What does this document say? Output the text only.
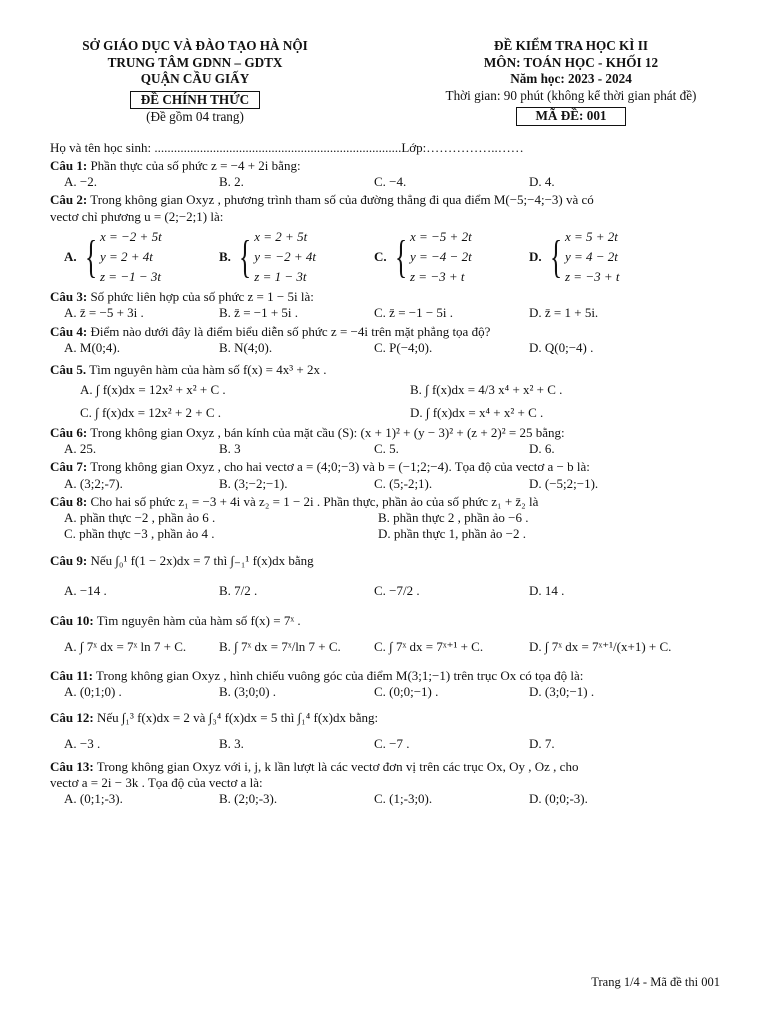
SỞ GIÁO DỤC VÀ ĐÀO TẠO HÀ NỘI
TRUNG TÂM GDNN – GDTX
QUẬN CẦU GIẤY
ĐỀ CHÍNH THỨC
(Đề gồm 04 trang)
ĐỀ KIỂM TRA HỌC KÌ II
MÔN: TOÁN HỌC - KHỐI 12
Năm học: 2023 - 2024
Thời gian: 90 phút (không kể thời gian phát đề)
MÃ ĐỀ: 001
Họ và tên học sinh: ............................................................................Lớp:……………..……
Câu 1: Phần thực của số phức z = −4 + 2i bằng:
A. −2.	B. 2.	C. −4.	D. 4.
Câu 2: Trong không gian Oxyz , phương trình tham số của đường thẳng đi qua điểm M(−5;−4;−3) và có
vectơ chỉ phương u = (2;−2;1) là:
A. { x = −2 + 5t
y = 2 + 4t
z = −1 − 3t
B. { x = 2 + 5t
y = −2 + 4t
z = 1 − 3t
C. { x = −5 + 2t
y = −4 − 2t
z = −3 + t
D. { x = 5 + 2t
y = 4 − 2t
z = −3 + t
Câu 3: Số phức liên hợp của số phức z = 1 − 5i là:
A. z̄ = −5 + 3i .	B. z̄ = −1 + 5i .	C. z̄ = −1 − 5i .	D. z̄ = 1 + 5i.
Câu 4: Điểm nào dưới đây là điểm biểu diễn số phức z = −4i trên mặt phẳng tọa độ?
A. M(0;4).	B. N(4;0).	C. P(−4;0).	D. Q(0;−4) .
Câu 5. Tìm nguyên hàm của hàm số f(x) = 4x³ + 2x .
A. ∫ f(x)dx = 12x² + x² + C .	B. ∫ f(x)dx = 4/3 x⁴ + x² + C .
C. ∫ f(x)dx = 12x² + 2 + C .	D. ∫ f(x)dx = x⁴ + x² + C .
Câu 6: Trong không gian Oxyz , bán kính của mặt cầu (S): (x + 1)² + (y − 3)² + (z + 2)² = 25 bằng:
A. 25.	B. 3	C. 5.	D. 6.
Câu 7: Trong không gian Oxyz , cho hai vectơ a = (4;0;−3) và b = (−1;2;−4). Tọa độ của vectơ a − b là:
A. (3;2;-7).	B. (3;−2;−1).	C. (5;-2;1).	D. (−5;2;−1).
Câu 8: Cho hai số phức z₁ = −3 + 4i và z₂ = 1 − 2i . Phần thực, phần ảo của số phức z₁ + z̄₂ là
A. phần thực −2 , phần ảo 6 .	B. phần thực 2 , phần ảo −6 .
C. phần thực −3 , phần ảo 4 .	D. phần thực 1, phần ảo −2 .
Câu 9: Nếu ∫₀¹ f(1 − 2x)dx = 7 thì ∫₋₁¹ f(x)dx bằng
A. −14 .	B. 7/2 .	C. −7/2 .	D. 14 .
Câu 10: Tìm nguyên hàm của hàm số f(x) = 7ˣ .
A. ∫ 7ˣ dx = 7ˣ ln 7 + C.	B. ∫ 7ˣ dx = 7ˣ/ln 7 + C.	C. ∫ 7ˣ dx = 7ˣ⁺¹ + C.	D. ∫ 7ˣ dx = 7ˣ⁺¹/(x+1) + C.
Câu 11: Trong không gian Oxyz , hình chiếu vuông góc của điểm M(3;1;−1) trên trục Ox có tọa độ là:
A. (0;1;0) .	B. (3;0;0) .	C. (0;0;−1) .	D. (3;0;−1) .
Câu 12: Nếu ∫₁³ f(x)dx = 2 và ∫₃⁴ f(x)dx = 5 thì ∫₁⁴ f(x)dx bằng:
A. −3 .	B. 3.	C. −7 .	D. 7.
Câu 13: Trong không gian Oxyz với i, j, k lần lượt là các vectơ đơn vị trên các trục Ox, Oy , Oz , cho
vectơ a = 2i − 3k . Tọa độ của vectơ a là:
A. (0;1;-3).	B. (2;0;-3).	C. (1;-3;0).	D. (0;0;-3).
Trang 1/4 - Mã đề thi 001
